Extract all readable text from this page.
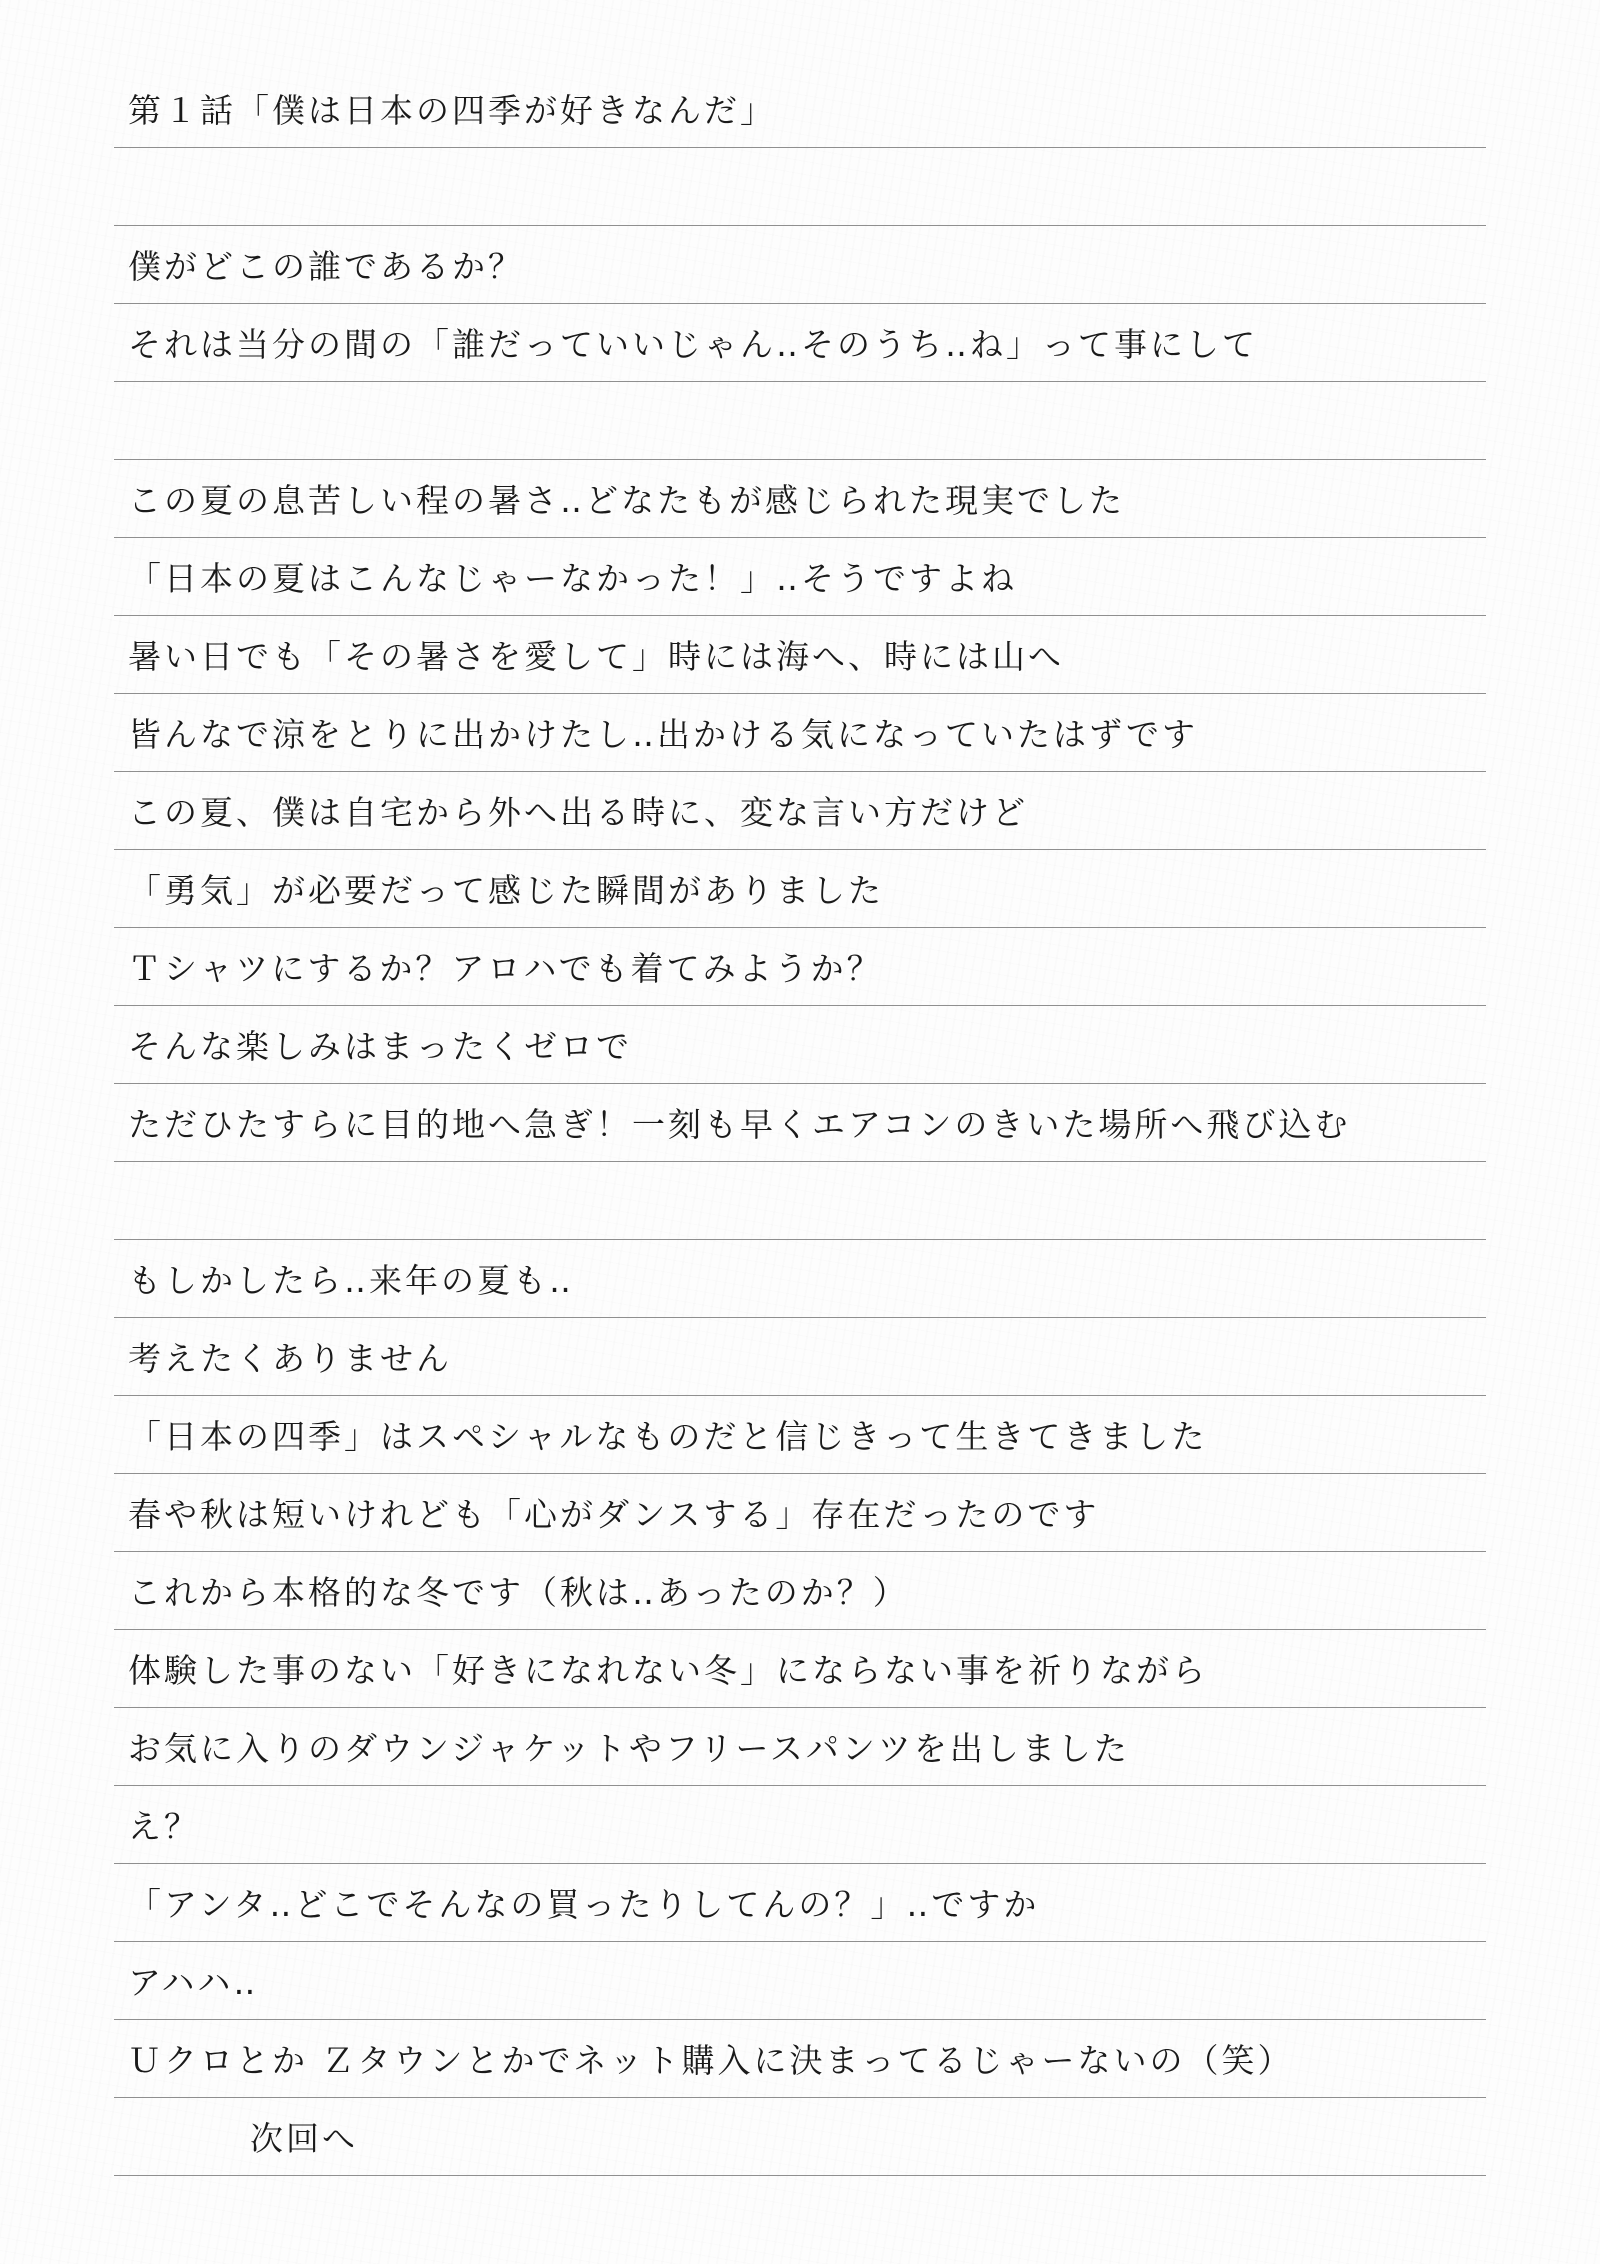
第１話「僕は日本の四季が好きなんだ」
僕がどこの誰であるか？
それは当分の間の「誰だっていいじゃん‥そのうち‥ね」って事にして
この夏の息苦しい程の暑さ‥どなたもが感じられた現実でした
「日本の夏はこんなじゃーなかった！」‥そうですよね
暑い日でも「その暑さを愛して」時には海へ、時には山へ
皆んなで涼をとりに出かけたし‥出かける気になっていたはずです
この夏、僕は自宅から外へ出る時に、変な言い方だけど
「勇気」が必要だって感じた瞬間がありました
Ｔシャツにするか？アロハでも着てみようか？
そんな楽しみはまったくゼロで
ただひたすらに目的地へ急ぎ！一刻も早くエアコンのきいた場所へ飛び込む
もしかしたら‥来年の夏も‥
考えたくありません
「日本の四季」はスペシャルなものだと信じきって生きてきました
春や秋は短いけれども「心がダンスする」存在だったのです
これから本格的な冬です（秋は‥あったのか？）
体験した事のない「好きになれない冬」にならない事を祈りながら
お気に入りのダウンジャケットやフリースパンツを出しました
え？
「アンタ‥どこでそんなの買ったりしてんの？」‥ですか
アハハ‥
Ｕクロとか Ｚタウンとかでネット購入に決まってるじゃーないの（笑）
次回へ
